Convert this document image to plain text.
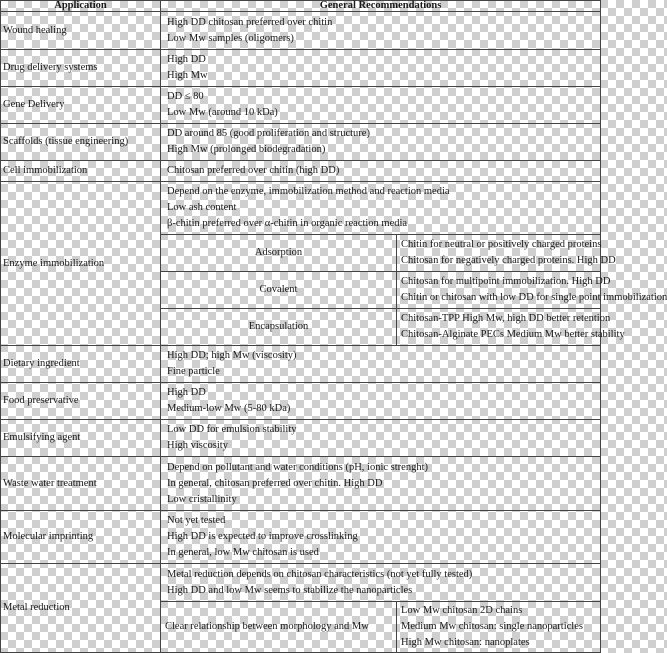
Application	General Recommendations	
Wound healing	High DD chitosan preferred over chitin
Low Mw samples (oligomers)	

Drug delivery systems	High DD
High Mw	

Gene Delivery	DD ≤ 80
Low Mw (around 10 kDa)	

Scaffolds (tissue engineering)	DD around 85 (good proliferation and structure)
High Mw (prolonged biodegradation)	

Cell immobilization	Chitosan preferred over chitin (high DD)	

Enzyme immobilization	Depend on the enzyme, immobilization method and reaction media
Low ash content
β-chitin preferred over α-chitin in organic reaction media	

	Adsorption	Chitin for neutral or positively charged proteins
Chitosan for negatively charged proteins. High DD

	Covalent	Chitosan for multipoint immobilization. High DD
Chitin or chitosan with low DD for single point immobilization

	Encapsulation	Chitosan-TPP High Mw, high DD better retention
Chitosan-Alginate PECs Medium Mw better stability

Dietary ingredient	High DD; high Mw (viscosity)
Fine particle	

Food preservative	High DD
Medium-low Mw (5-80 kDa)	

Emulsifying agent	Low DD for emulsion stability
High viscosity	

Waste water treatment	Depend on pollutant and water conditions (pH, ionic strenght)
In general, chitosan preferred over chitin. High DD
Low cristallinity	

Molecular imprinting	Not yet tested
High DD is expected to improve crosslinking
In general, low Mw chitosan is used	

Metal reduction	Metal reduction depends on chitosan characteristics (not yet fully tested)
High DD and low Mw seems to stabilize the nanoparticles	

	Clear relationship between morphology and Mw	Low Mw chitosan 2D chains
Medium Mw chitosan: single nanoparticles
High Mw chitosan: nanoplates
